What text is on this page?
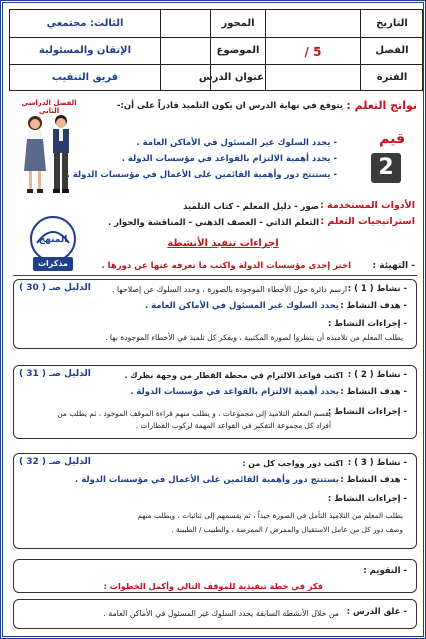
التاريخ
الفصل
الفترة
5 /
المحور
الموضوع
عنوان الدرس
الثالث: مجتمعي
الإتقان والمسئولية
فريق التنقيب
نواتج التعلم :
يتوقع في نهاية الدرس ان يكون التلميذ قادراً على أن:-
الفصل الدراسي الثاني
- يحدد السلوك غير المسئول في الأماكن العامة .
- يحدد أهمية الالتزام بالقواعد في مؤسسات الدولة .
- يستنتج دور وأهمية القائمين على الأعمال في مؤسسات الدولة .
قيم
2
المنهج
مذكرات
الأدوات المستخدمة :
صور - دليل المعلم - كتاب التلميذ
استراتيجيات التعلم :
التعلم الذاتي - العصف الذهني - المناقشة والحوار .
اجراءات تنفيذ الأنشطة
- التهيئة :
اختر إحدى مؤسسات الدولة واكتب ما تعرفه عنها عن دورها .
- نشاط ( 1 ) :
ارسم دائرة حول الأخطاء الموجودة بالصورة ، وحدد السلوك عن إصلاحها .
الدليل صـ ( 30 )
- هدف النشاط :
يحدد السلوك غير المسئول في الأماكن العامة .
- إجراءات النشاط :
يطلب المعلم من تلاميذه أن ينظروا لصورة المكتبية ، ويفكر كل تلميذ في الأخطاء الموجودة بها .
- نشاط ( 2 ) :
اكتب قواعد الالتزام في محطة القطار من وجهة نظرك .
الدليل صـ ( 31 )
- هدف النشاط :
يحدد أهمية الالتزام بالقواعد في مؤسسات الدولة .
- إجراءات النشاط :
يقسم المعلم التلاميذ إلى مجموعات ، و يطلب منهم قراءة الموقف الموجود ، ثم يطلب من
أفراد كل مجموعة التفكير في القواعد المهمة لركوب القطارات .
- نشاط ( 3 ) :
اكتب دور وواجب كل من :
الدليل صـ ( 32 )
- هدف النشاط :
يستنتج دور وأهمية القائمين على الأعمال في مؤسسات الدولة .
- إجراءات النشاط :
يطلب المعلم من التلاميذ التأمل في الصورة جيداً ، ثم يقسمهم إلى ثنائيات ، ويطلب منهم
وصف دور كل من عامل الاستقبال والممرض / الممرضة ، والطبيب / الطبيبة .
- التقويم :
فكر في خطة تنفيذية للموقف التالي وأكمل الخطوات :
- غلق الدرس :
من خلال الأنشطة السابقة يحدد السلوك غير المسئول في الأماكن العامة .
